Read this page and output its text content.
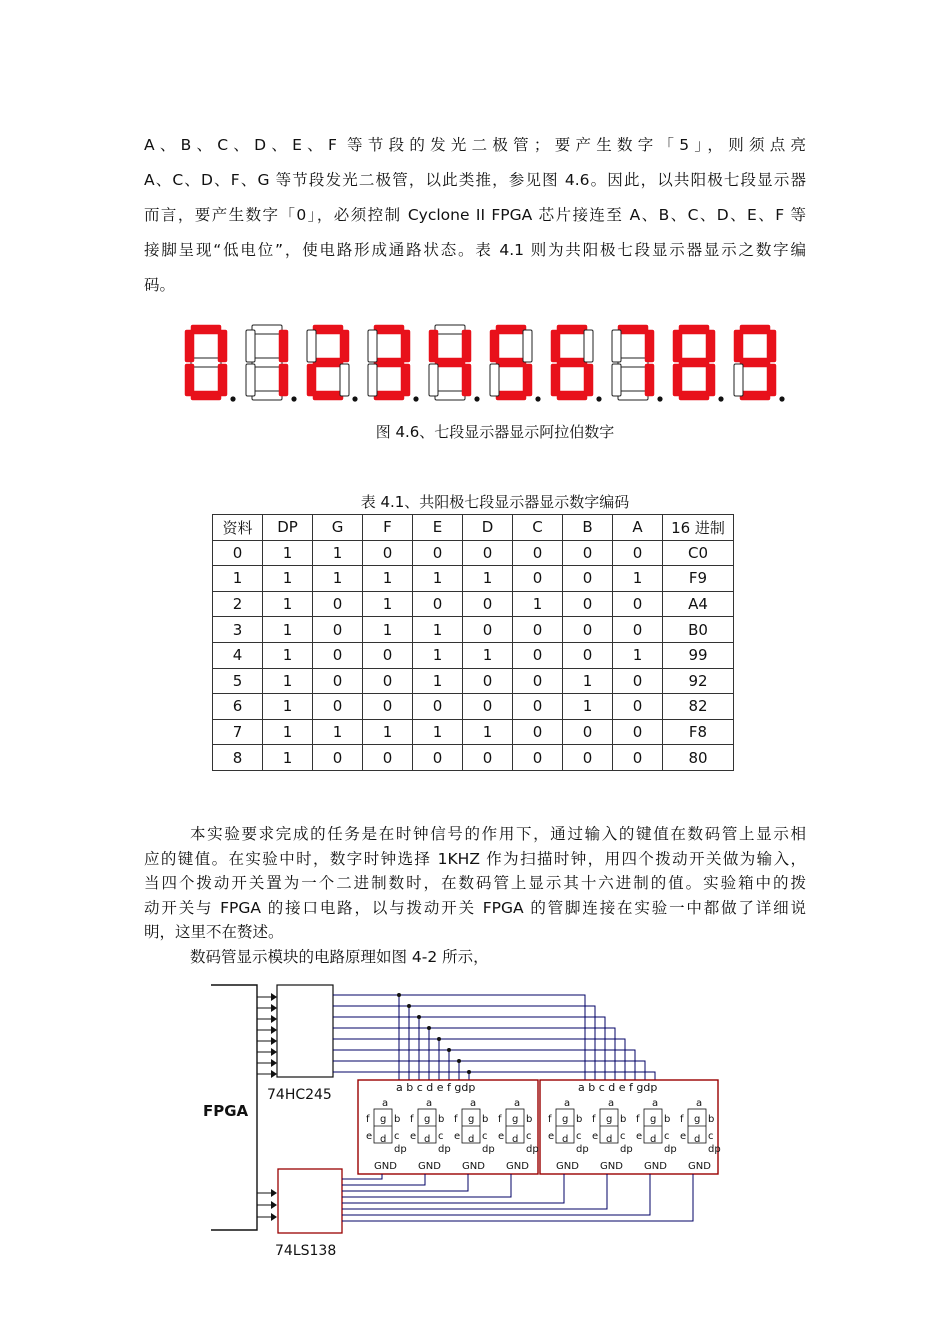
A、B、C、D、E、F 等节段的发光二极管；要产生数字「5」，则须点亮
A、C、D、F、G 等节段发光二极管，以此类推，参见图 4.6。因此，以共阳极七段显示器
而言，要产生数字「0」，必须控制 Cyclone II FPGA 芯片接连至 A、B、C、D、E、F 等
接脚呈现“低电位”，使电路形成通路状态。表 4.1 则为共阳极七段显示器显示之数字编
码。
图 4.6、七段显示器显示阿拉伯数字
表 4.1、共阳极七段显示器显示数字编码
资料	DP	G	F	E	D	C	B	A	16 进制
0	1	1	0	0	0	0	0	0	C0
1	1	1	1	1	1	0	0	1	F9
2	1	0	1	0	0	1	0	0	A4
3	1	0	1	1	0	0	0	0	B0
4	1	0	0	1	1	0	0	1	99
5	1	0	0	1	0	0	1	0	92
6	1	0	0	0	0	0	1	0	82
7	1	1	1	1	1	0	0	0	F8
8	1	0	0	0	0	0	0	0	80
本实验要求完成的任务是在时钟信号的作用下，通过输入的键值在数码管上显示相
应的键值。在实验中时，数字时钟选择 1KHZ 作为扫描时钟，用四个拨动开关做为输入，
当四个拨动开关置为一个二进制数时，在数码管上显示其十六进制的值。实验箱中的拨
动开关与 FPGA 的接口电路，以与拨动开关 FPGA 的管脚连接在实验一中都做了详细说
明，这里不在赘述。
数码管显示模块的电路原理如图 4-2 所示，
FPGA
74HC245	a b c d e f gdp
a
f g b
e d c
dp
GND
a
f g b
e d c
dp
GND
a
f g b
e d c
dp
GND
a
f g b
e d c
dp
GND
a b c d e f gdp
a
f g b
e d c
dp
GND
a
f g b
e d c
dp
GND
a
f g b
e d c
dp
GND
a
f g b
e d c
dp
GND
74LS138
